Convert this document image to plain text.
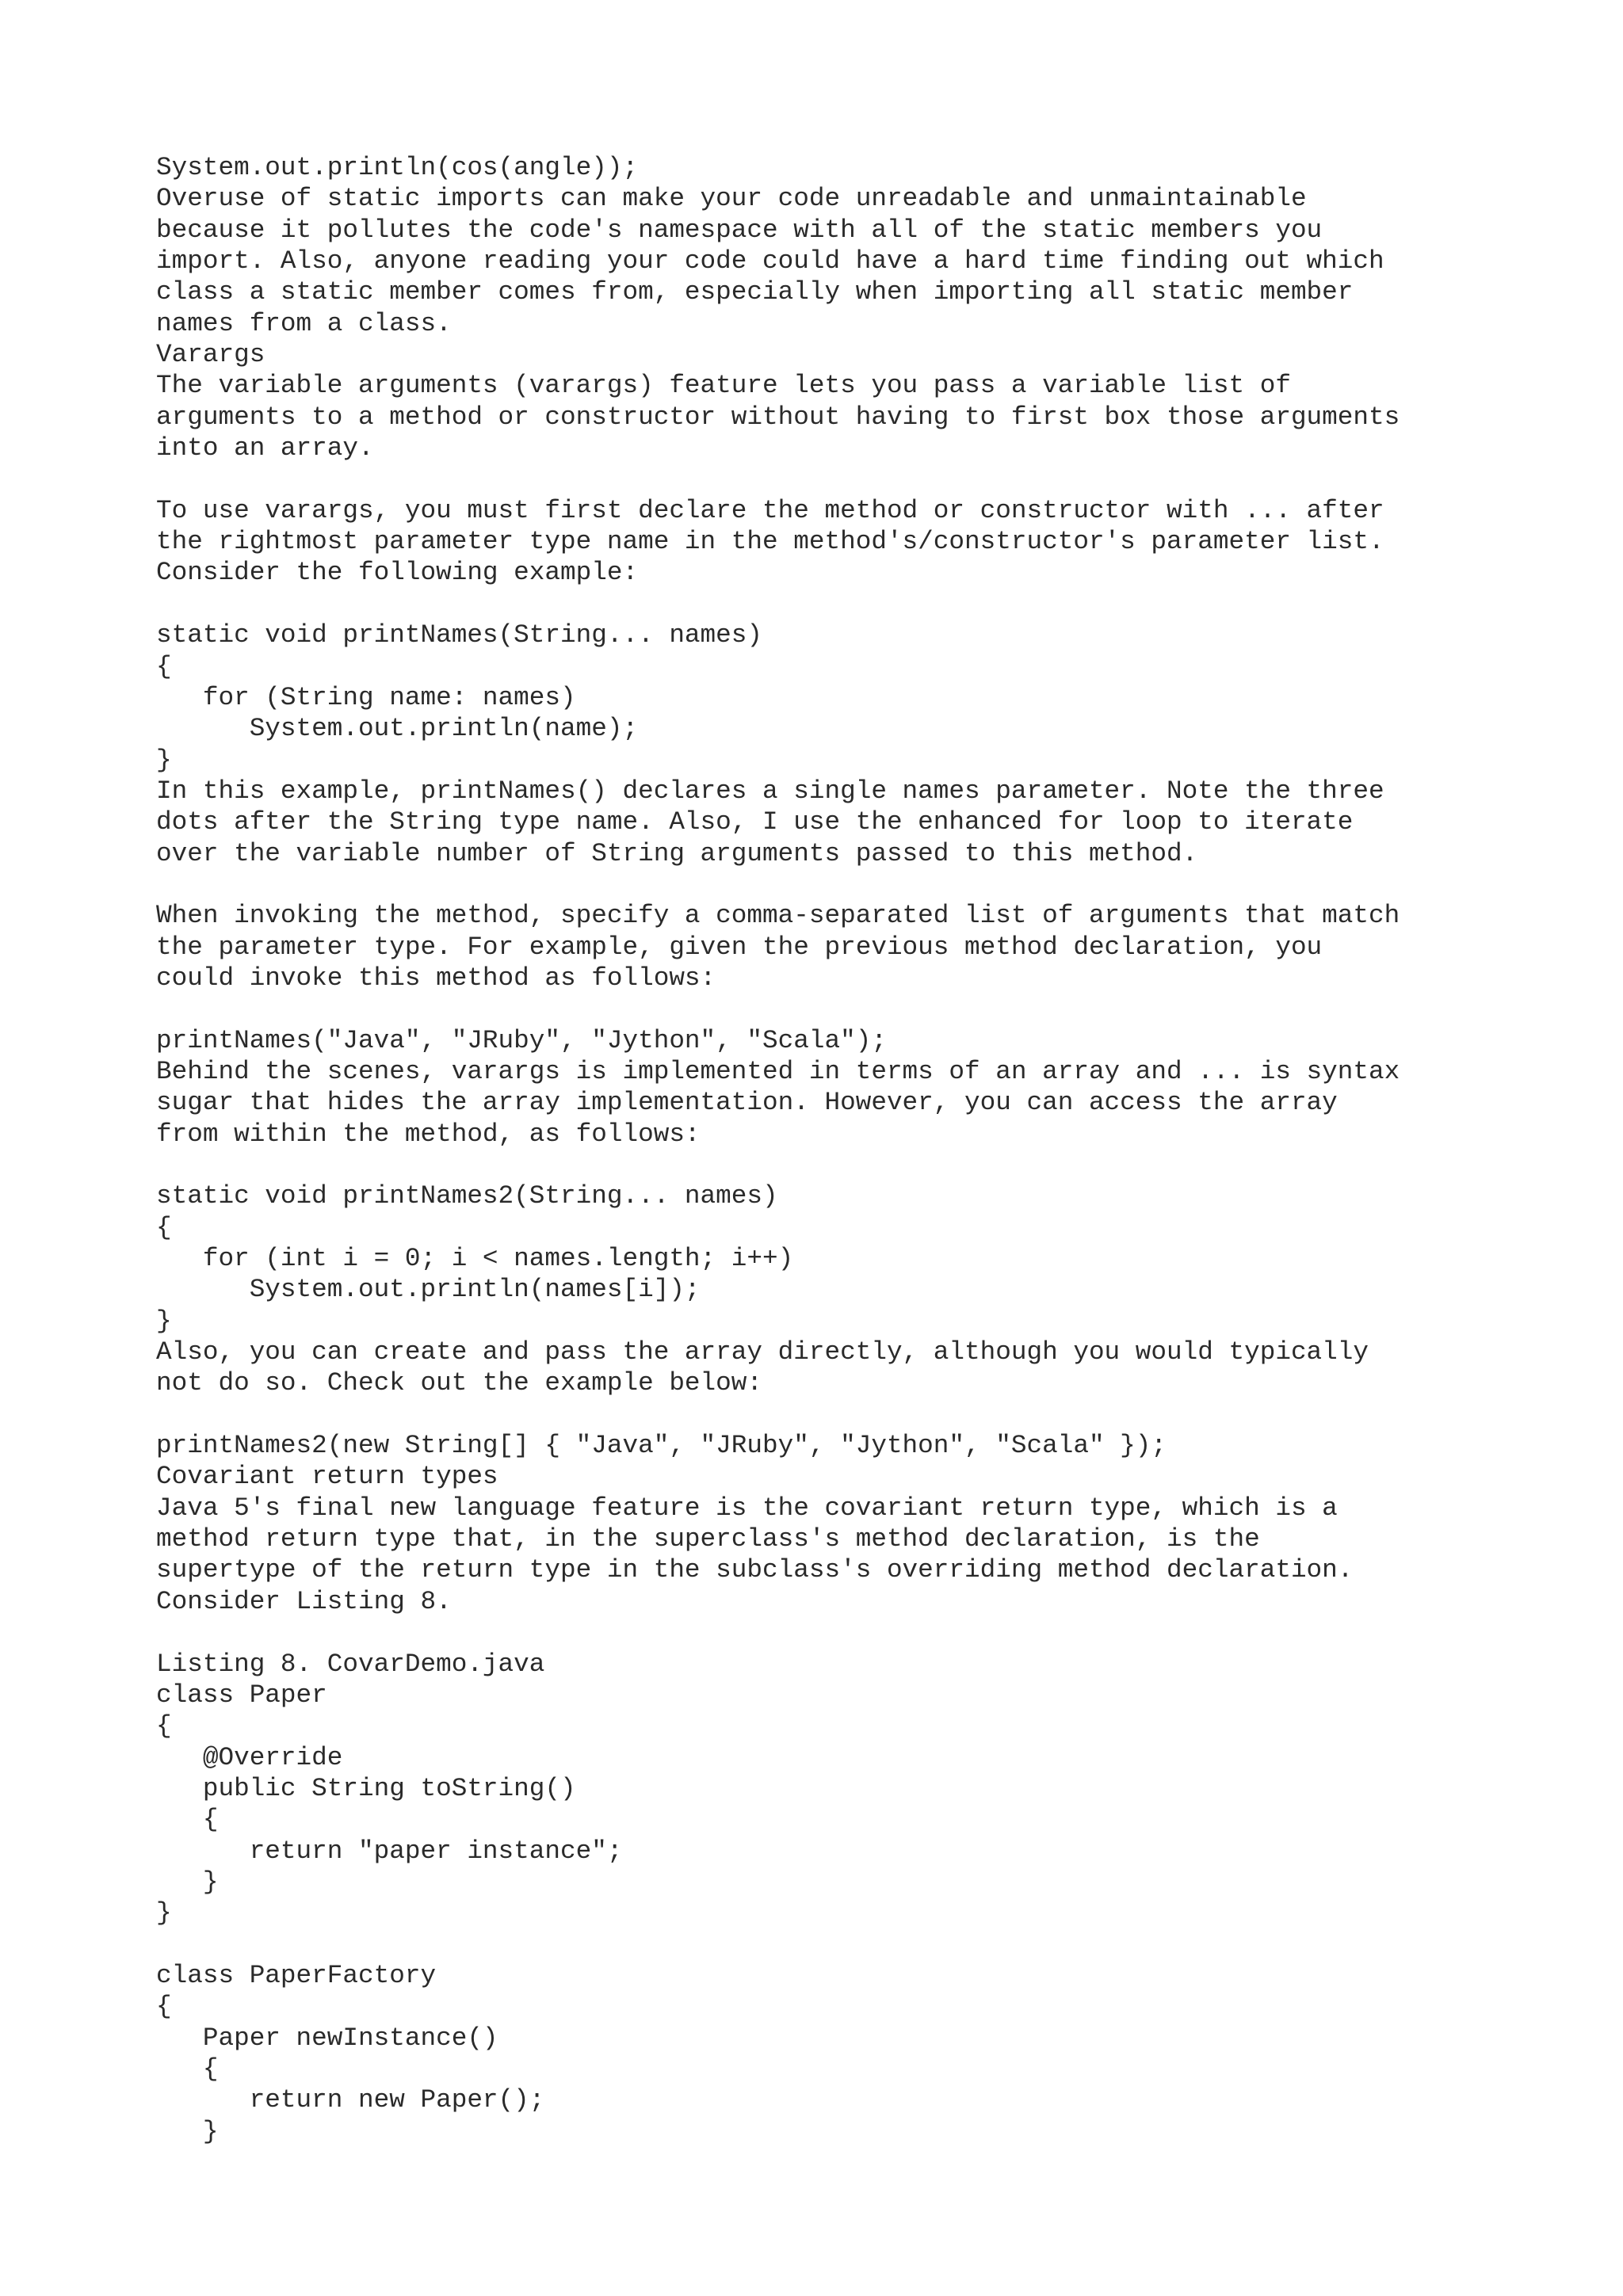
System.out.println(cos(angle));
Overuse of static imports can make your code unreadable and unmaintainable
because it pollutes the code's namespace with all of the static members you
import. Also, anyone reading your code could have a hard time finding out which
class a static member comes from, especially when importing all static member
names from a class.
Varargs
The variable arguments (varargs) feature lets you pass a variable list of
arguments to a method or constructor without having to first box those arguments
into an array.
To use varargs, you must first declare the method or constructor with ... after
the rightmost parameter type name in the method's/constructor's parameter list.
Consider the following example:
static void printNames(String... names)
{
for (String name: names)
System.out.println(name);
}
In this example, printNames() declares a single names parameter. Note the three
dots after the String type name. Also, I use the enhanced for loop to iterate
over the variable number of String arguments passed to this method.
When invoking the method, specify a comma-separated list of arguments that match
the parameter type. For example, given the previous method declaration, you
could invoke this method as follows:
printNames("Java", "JRuby", "Jython", "Scala");
Behind the scenes, varargs is implemented in terms of an array and ... is syntax
sugar that hides the array implementation. However, you can access the array
from within the method, as follows:
static void printNames2(String... names)
{
for (int i = 0; i < names.length; i++)
System.out.println(names[i]);
}
Also, you can create and pass the array directly, although you would typically
not do so. Check out the example below:
printNames2(new String[] { "Java", "JRuby", "Jython", "Scala" });
Covariant return types
Java 5's final new language feature is the covariant return type, which is a
method return type that, in the superclass's method declaration, is the
supertype of the return type in the subclass's overriding method declaration.
Consider Listing 8.
Listing 8. CovarDemo.java
class Paper
{
@Override
public String toString()
{
return "paper instance";
}
}
class PaperFactory
{
Paper newInstance()
{
return new Paper();
}
